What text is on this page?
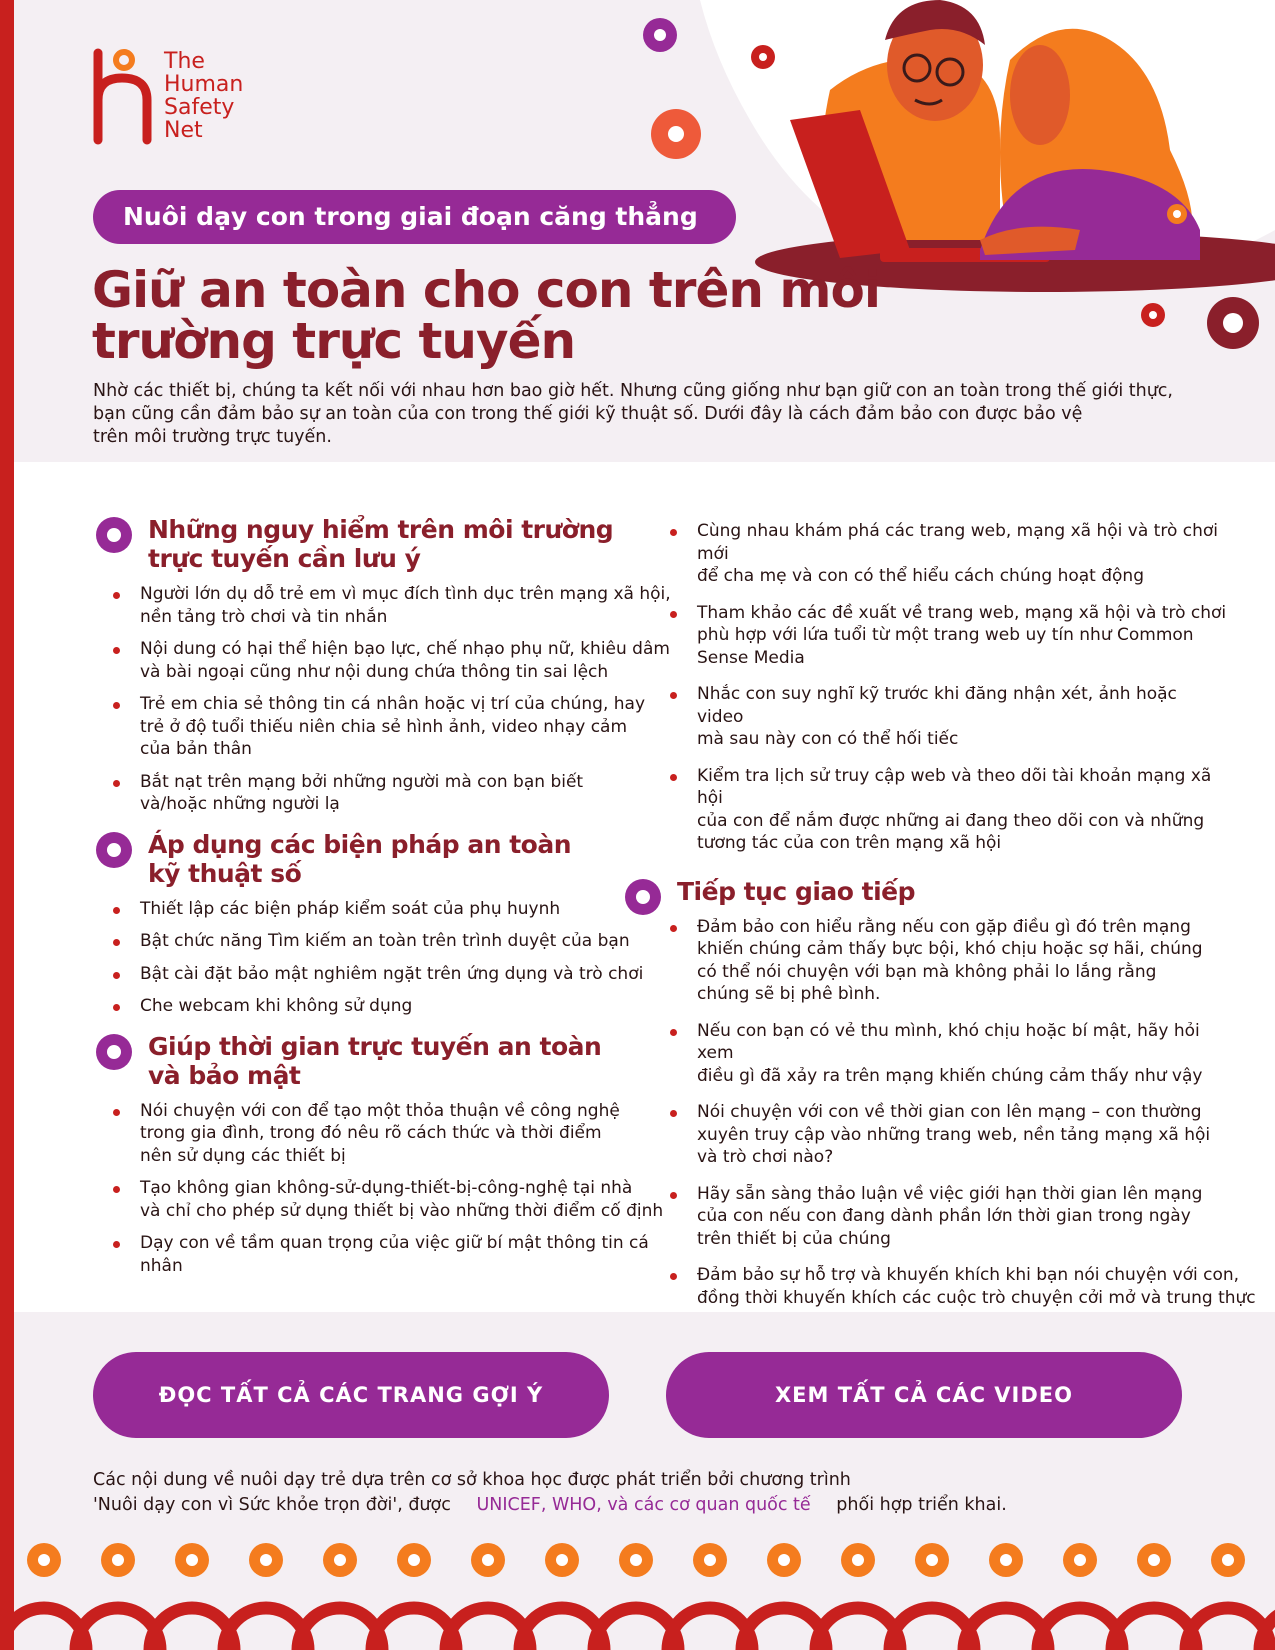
The
Human
Safety
Net
Nuôi dạy con trong giai đoạn căng thẳng
Giữ an toàn cho con trên môi
trường trực tuyến
Nhờ các thiết bị, chúng ta kết nối với nhau hơn bao giờ hết. Nhưng cũng giống như bạn giữ con an toàn trong thế giới thực,
bạn cũng cần đảm bảo sự an toàn của con trong thế giới kỹ thuật số. Dưới đây là cách đảm bảo con được bảo vệ
trên môi trường trực tuyến.
Những nguy hiểm trên môi trường
trực tuyến cần lưu ý
Người lớn dụ dỗ trẻ em vì mục đích tình dục trên mạng xã hội,
nền tảng trò chơi và tin nhắn
Nội dung có hại thể hiện bạo lực, chế nhạo phụ nữ, khiêu dâm
và bài ngoại cũng như nội dung chứa thông tin sai lệch
Trẻ em chia sẻ thông tin cá nhân hoặc vị trí của chúng, hay
trẻ ở độ tuổi thiếu niên chia sẻ hình ảnh, video nhạy cảm
của bản thân
Bắt nạt trên mạng bởi những người mà con bạn biết
và/hoặc những người lạ
Áp dụng các biện pháp an toàn
kỹ thuật số
Thiết lập các biện pháp kiểm soát của phụ huynh
Bật chức năng Tìm kiếm an toàn trên trình duyệt của bạn
Bật cài đặt bảo mật nghiêm ngặt trên ứng dụng và trò chơi
Che webcam khi không sử dụng
Giúp thời gian trực tuyến an toàn
và bảo mật
Nói chuyện với con để tạo một thỏa thuận về công nghệ
trong gia đình, trong đó nêu rõ cách thức và thời điểm
nên sử dụng các thiết bị
Tạo không gian không-sử-dụng-thiết-bị-công-nghệ tại nhà
và chỉ cho phép sử dụng thiết bị vào những thời điểm cố định
Dạy con về tầm quan trọng của việc giữ bí mật thông tin cá nhân
Cùng nhau khám phá các trang web, mạng xã hội và trò chơi mới
để cha mẹ và con có thể hiểu cách chúng hoạt động
Tham khảo các đề xuất về trang web, mạng xã hội và trò chơi
phù hợp với lứa tuổi từ một trang web uy tín như Common
Sense Media
Nhắc con suy nghĩ kỹ trước khi đăng nhận xét, ảnh hoặc video
mà sau này con có thể hối tiếc
Kiểm tra lịch sử truy cập web và theo dõi tài khoản mạng xã hội
của con để nắm được những ai đang theo dõi con và những
tương tác của con trên mạng xã hội
Tiếp tục giao tiếp
Đảm bảo con hiểu rằng nếu con gặp điều gì đó trên mạng
khiến chúng cảm thấy bực bội, khó chịu hoặc sợ hãi, chúng
có thể nói chuyện với bạn mà không phải lo lắng rằng
chúng sẽ bị phê bình.
Nếu con bạn có vẻ thu mình, khó chịu hoặc bí mật, hãy hỏi xem
điều gì đã xảy ra trên mạng khiến chúng cảm thấy như vậy
Nói chuyện với con về thời gian con lên mạng – con thường
xuyên truy cập vào những trang web, nền tảng mạng xã hội
và trò chơi nào?
Hãy sẵn sàng thảo luận về việc giới hạn thời gian lên mạng
của con nếu con đang dành phần lớn thời gian trong ngày
trên thiết bị của chúng
Đảm bảo sự hỗ trợ và khuyến khích khi bạn nói chuyện với con,
đồng thời khuyến khích các cuộc trò chuyện cởi mở và trung thực
ĐỌC TẤT CẢ CÁC TRANG GỢI Ý	XEM TẤT CẢ CÁC VIDEO
Các nội dung về nuôi dạy trẻ dựa trên cơ sở khoa học được phát triển bởi chương trình
'Nuôi dạy con vì Sức khỏe trọn đời', được UNICEF, WHO, và các cơ quan quốc tế phối hợp triển khai.
